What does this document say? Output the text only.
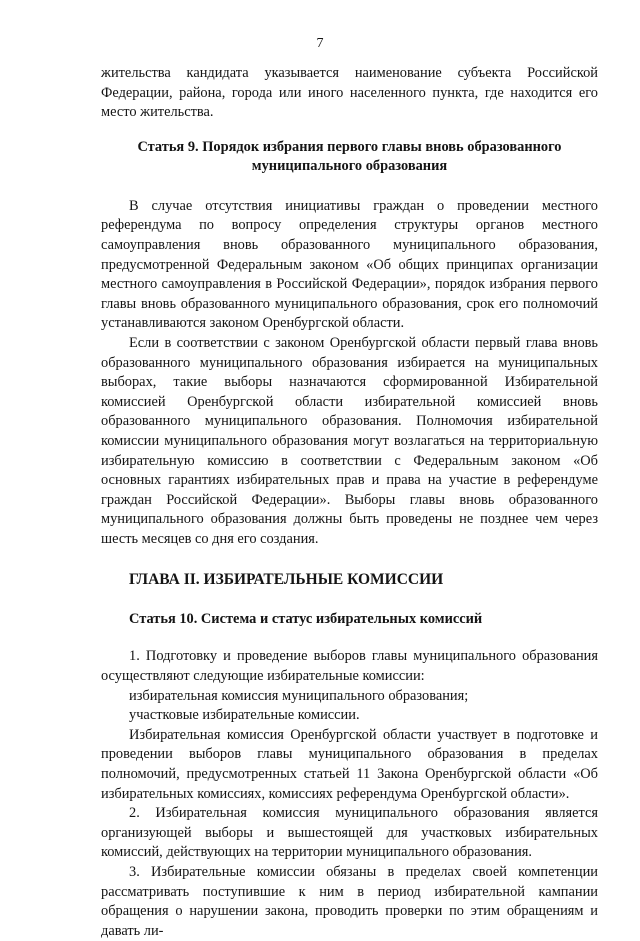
7

жительства кандидата указывается наименование субъекта Российской Федерации, района, города или иного населенного пункта, где находится его место жительства.

Статья 9. Порядок избрания первого главы вновь образованного муниципального образования

В случае отсутствия инициативы граждан о проведении местного референдума по вопросу определения структуры органов местного самоуправления вновь образованного муниципального образования, предусмотренной Федеральным законом «Об общих принципах организации местного самоуправления в Российской Федерации», порядок избрания первого главы вновь образованного муниципального образования, срок его полномочий устанавливаются законом Оренбургской области.

Если в соответствии с законом Оренбургской области первый глава вновь образованного муниципального образования избирается на муниципальных выборах, такие выборы назначаются сформированной Избирательной комиссией Оренбургской области избирательной комиссией вновь образованного муниципального образования. Полномочия избирательной комиссии муниципального образования могут возлагаться на территориальную избирательную комиссию в соответствии с Федеральным законом «Об основных гарантиях избирательных прав и права на участие в референдуме граждан Российской Федерации». Выборы главы вновь образованного муниципального образования должны быть проведены не позднее чем через шесть месяцев со дня его создания.

ГЛАВА II. ИЗБИРАТЕЛЬНЫЕ КОМИССИИ
Статья 10. Система и статус избирательных комиссий

1. Подготовку и проведение выборов главы муниципального образования осуществляют следующие избирательные комиссии:

избирательная комиссия муниципального образования;

участковые избирательные комиссии.

Избирательная комиссия Оренбургской области участвует в подготовке и проведении выборов главы муниципального образования в пределах полномочий, предусмотренных статьей 11 Закона Оренбургской области «Об избирательных комиссиях, комиссиях референдума Оренбургской области».

2. Избирательная комиссия муниципального образования является организующей выборы и вышестоящей для участковых избирательных комиссий, действующих на территории муниципального образования.

3. Избирательные комиссии обязаны в пределах своей компетенции рассматривать поступившие к ним в период избирательной кампании обращения о нарушении закона, проводить проверки по этим обращениям и давать ли-
